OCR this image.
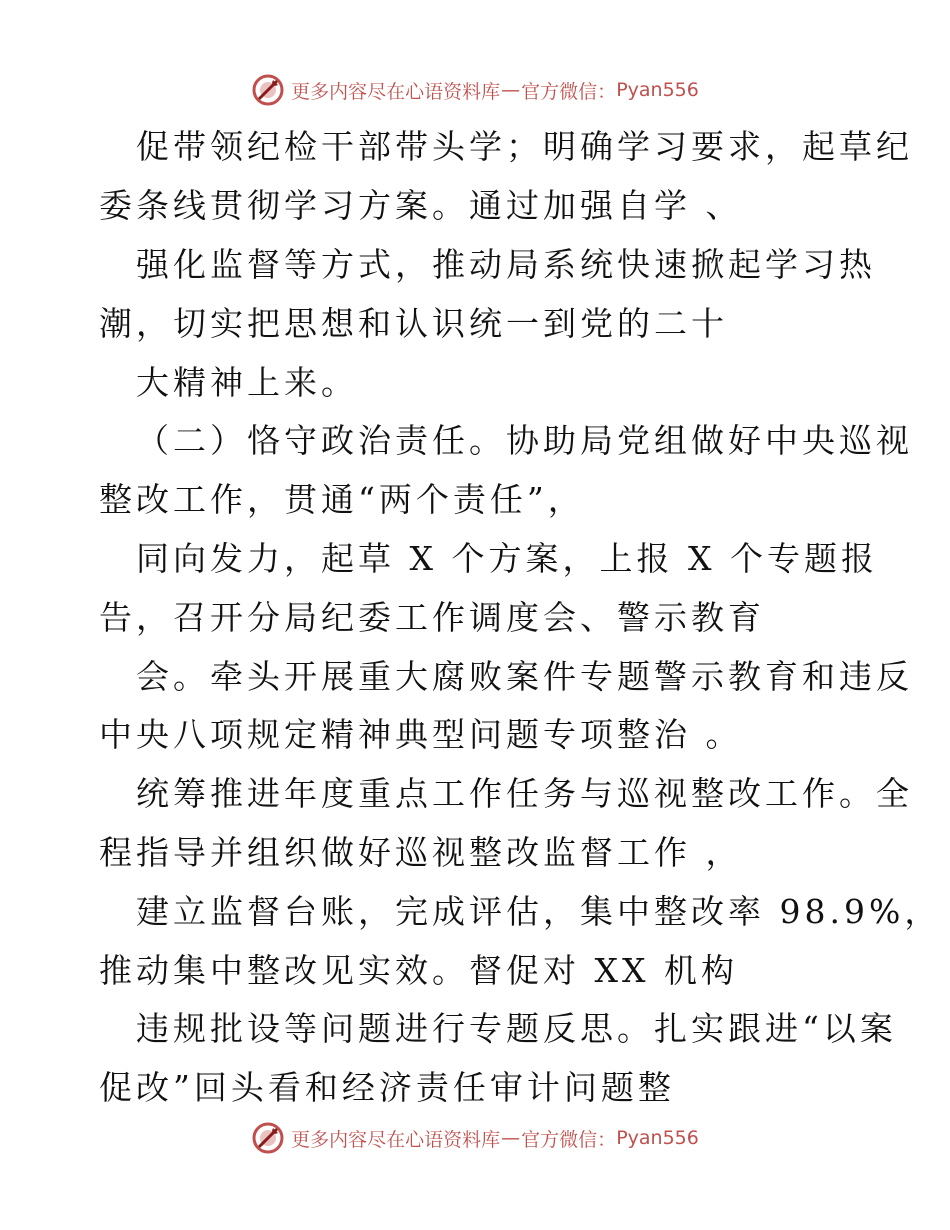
更多内容尽在心语资料库 — 官方微信： Pyan556
促带领纪检干部带头学；明确学习要求，起草纪
委条线贯彻学习方案。通过加强自学 、
强化监督等方式，推动局系统快速掀起学习热
潮，切实把思想和认识统一到党的二十
大精神上来。
（二）恪守政治责任。协助局党组做好中央巡视
整改工作，贯通“两个责任”，
同向发力，起草 X 个方案，上报 X 个专题报
告，召开分局纪委工作调度会、警示教育
会。牵头开展重大腐败案件专题警示教育和违反
中央八项规定精神典型问题专项整治 。
统筹推进年度重点工作任务与巡视整改工作。全
程指导并组织做好巡视整改监督工作 ，
建立监督台账，完成评估，集中整改率 98.9%，
推动集中整改见实效。督促对 XX 机构
违规批设等问题进行专题反思。扎实跟进“以案
促改”回头看和经济责任审计问题整
更多内容尽在心语资料库 — 官方微信： Pyan556
